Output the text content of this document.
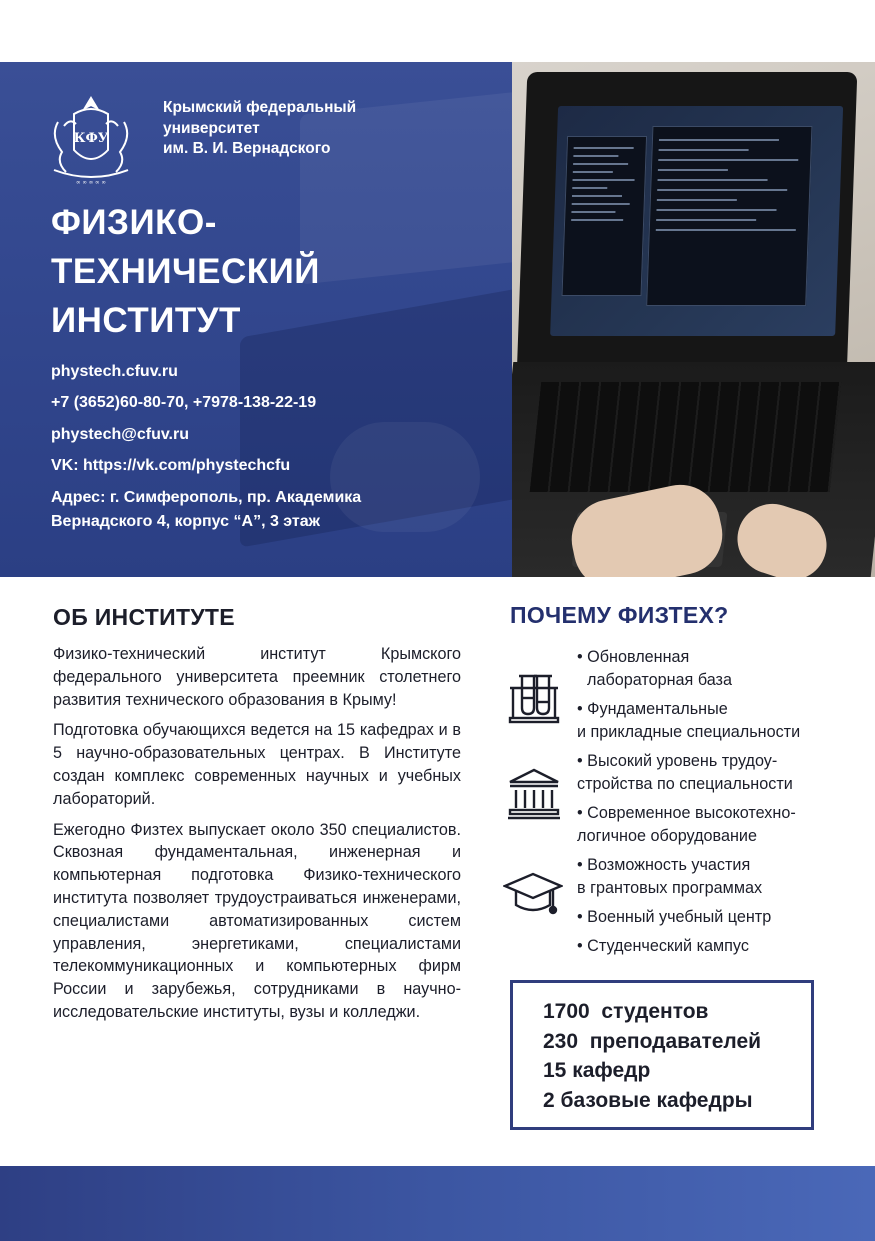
КФУ
∞ ∞ ∞ ∞ ∞
Крымский федеральный
университет
им. В. И. Вернадского
ФИЗИКО-
ТЕХНИЧЕСКИЙ
ИНСТИТУТ
physteсh.cfuv.ru
+7 (3652)60-80-70, +7978-138-22-19
physteсh@cfuv.ru
VK: https://vk.com/physteсhcfu
Адрес: г. Симферополь, пр. Академика
Вернадского 4, корпус “А”, 3 этаж
ОБ ИНСТИТУТЕ

Физико-технический институт Крымского федерального университета преемник столетнего развития технического образования в Крыму!

Подготовка обучающихся ведется на 15 кафедрах и в 5 научно-образовательных центрах. В Институте создан комплекс современных научных и учебных лабораторий.

Ежегодно Физтех выпускает около 350 специалистов. Сквозная фундаментальная, инженерная и компьютерная подготовка Физико-технического института позволяет трудоустраиваться инженерами, специалистами автоматизированных систем управления, энергетиками, специалистами телекоммуникационных и компьютерных фирм России и зарубежья, сотрудниками в научно-исследовательские институты, вузы и колледжи.

ПОЧЕМУ ФИЗТЕХ?
• Обновленная
лабораторная база
• Фундаментальные
и прикладные специальности
• Высокий уровень трудоу-
стройства по специальности
• Современное высокотехно-
логичное оборудование
• Возможность участия
в грантовых программах
• Военный учебный центр
• Студенческий кампус
1700  студентов
230  преподавателей
15 кафедр
2 базовые кафедры
